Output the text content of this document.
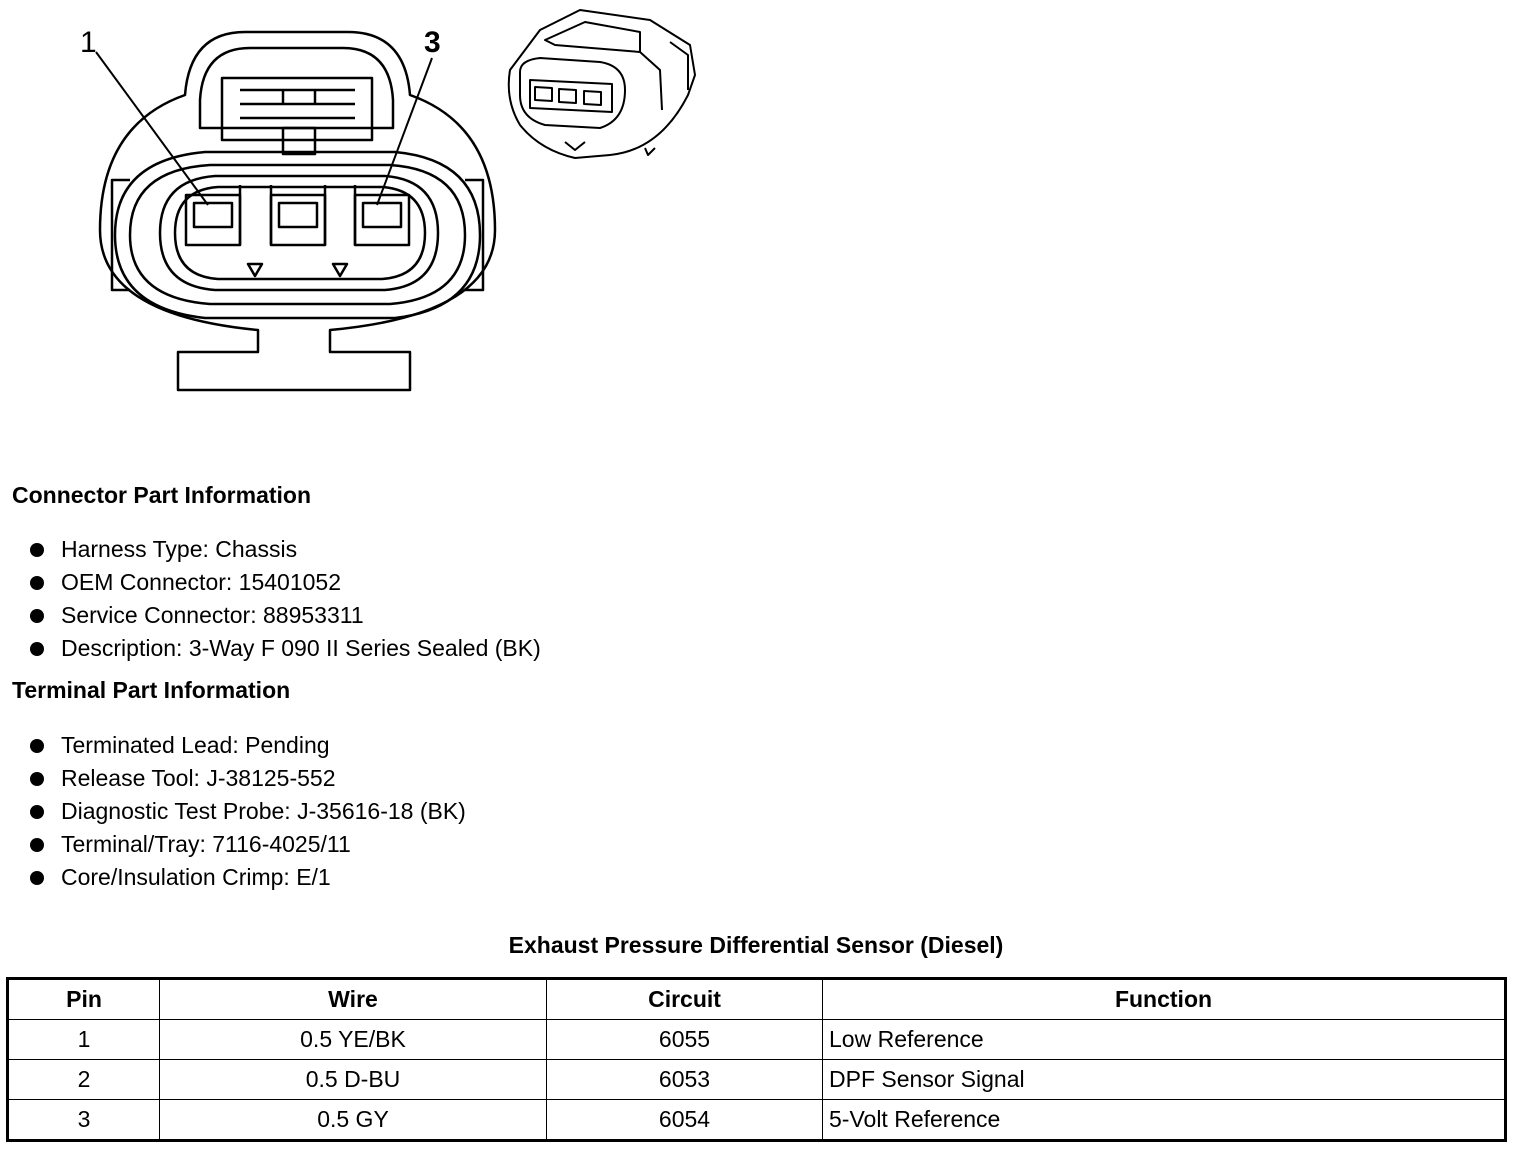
1	3
Connector Part Information
Harness Type: Chassis
OEM Connector: 15401052
Service Connector: 88953311
Description: 3-Way F 090 II Series Sealed (BK)
Terminal Part Information
Terminated Lead: Pending
Release Tool: J-38125-552
Diagnostic Test Probe: J-35616-18 (BK)
Terminal/Tray: 7116-4025/11
Core/Insulation Crimp: E/1
Exhaust Pressure Differential Sensor (Diesel)
Pin	Wire	Circuit	Function
1	0.5 YE/BK	6055	Low Reference
2	0.5 D-BU	6053	DPF Sensor Signal
3	0.5 GY	6054	5-Volt Reference
